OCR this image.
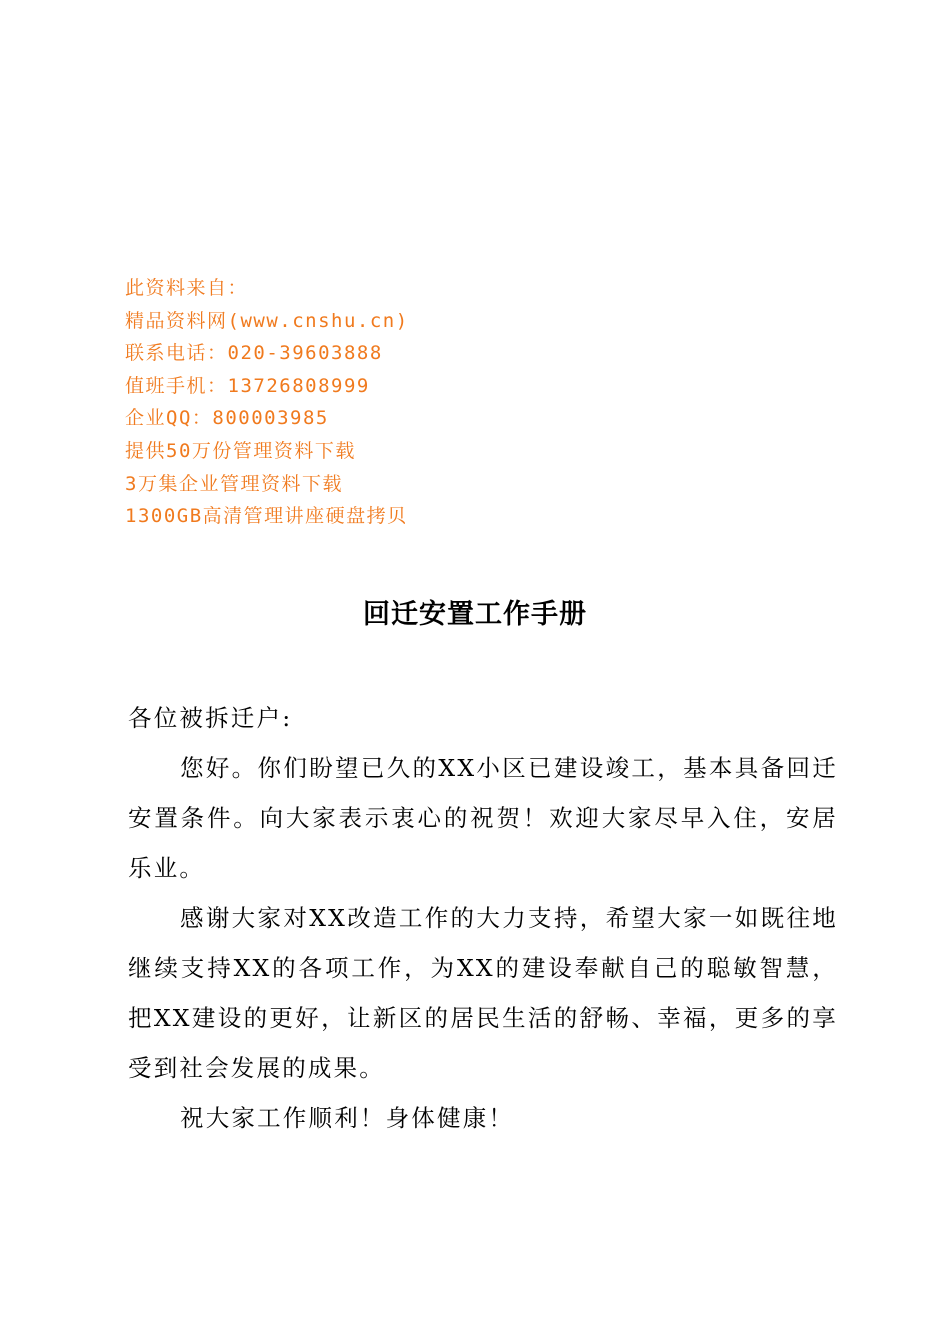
此资料来自：
精品资料网(www.cnshu.cn)
联系电话：020-39603888
值班手机：13726808999
企业QQ：800003985
提供50万份管理资料下载
3万集企业管理资料下载
1300GB高清管理讲座硬盘拷贝
回迁安置工作手册

各位被拆迁户:

您好。你们盼望已久的XX小区已建设竣工，基本具备回迁安置条件。向大家表示衷心的祝贺！欢迎大家尽早入住，安居乐业。

感谢大家对XX改造工作的大力支持，希望大家一如既往地继续支持XX的各项工作，为XX的建设奉献自己的聪敏智慧，把XX建设的更好，让新区的居民生活的舒畅、幸福，更多的享受到社会发展的成果。

祝大家工作顺利！身体健康！
